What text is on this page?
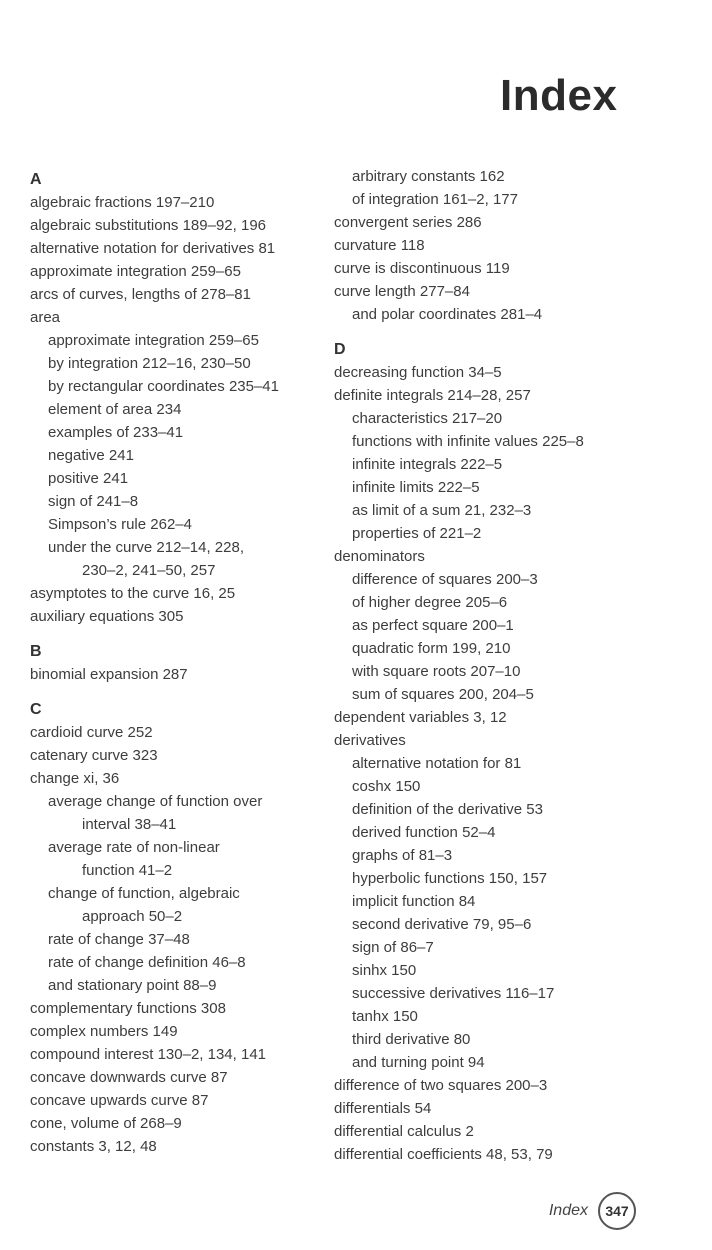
Index
A
algebraic fractions 197–210
algebraic substitutions 189–92, 196
alternative notation for derivatives 81
approximate integration 259–65
arcs of curves, lengths of 278–81
area
approximate integration 259–65
by integration 212–16, 230–50
by rectangular coordinates 235–41
element of area 234
examples of 233–41
negative 241
positive 241
sign of 241–8
Simpson’s rule 262–4
under the curve 212–14, 228,
230–2, 241–50, 257
asymptotes to the curve 16, 25
auxiliary equations 305
B
binomial expansion 287
C
cardioid curve 252
catenary curve 323
change xi, 36
average change of function over
interval 38–41
average rate of non-linear
function 41–2
change of function, algebraic
approach 50–2
rate of change 37–48
rate of change definition 46–8
and stationary point 88–9
complementary functions 308
complex numbers 149
compound interest 130–2, 134, 141
concave downwards curve 87
concave upwards curve 87
cone, volume of 268–9
constants 3, 12, 48
arbitrary constants 162
of integration 161–2, 177
convergent series 286
curvature 118
curve is discontinuous 119
curve length 277–84
and polar coordinates 281–4
D
decreasing function 34–5
definite integrals 214–28, 257
characteristics 217–20
functions with infinite values 225–8
infinite integrals 222–5
infinite limits 222–5
as limit of a sum 21, 232–3
properties of 221–2
denominators
difference of squares 200–3
of higher degree 205–6
as perfect square 200–1
quadratic form 199, 210
with square roots 207–10
sum of squares 200, 204–5
dependent variables 3, 12
derivatives
alternative notation for 81
coshx 150
definition of the derivative 53
derived function 52–4
graphs of 81–3
hyperbolic functions 150, 157
implicit function 84
second derivative 79, 95–6
sign of 86–7
sinhx 150
successive derivatives 116–17
tanhx 150
third derivative 80
and turning point 94
difference of two squares 200–3
differentials 54
differential calculus 2
differential coefficients 48, 53, 79
Index	347
